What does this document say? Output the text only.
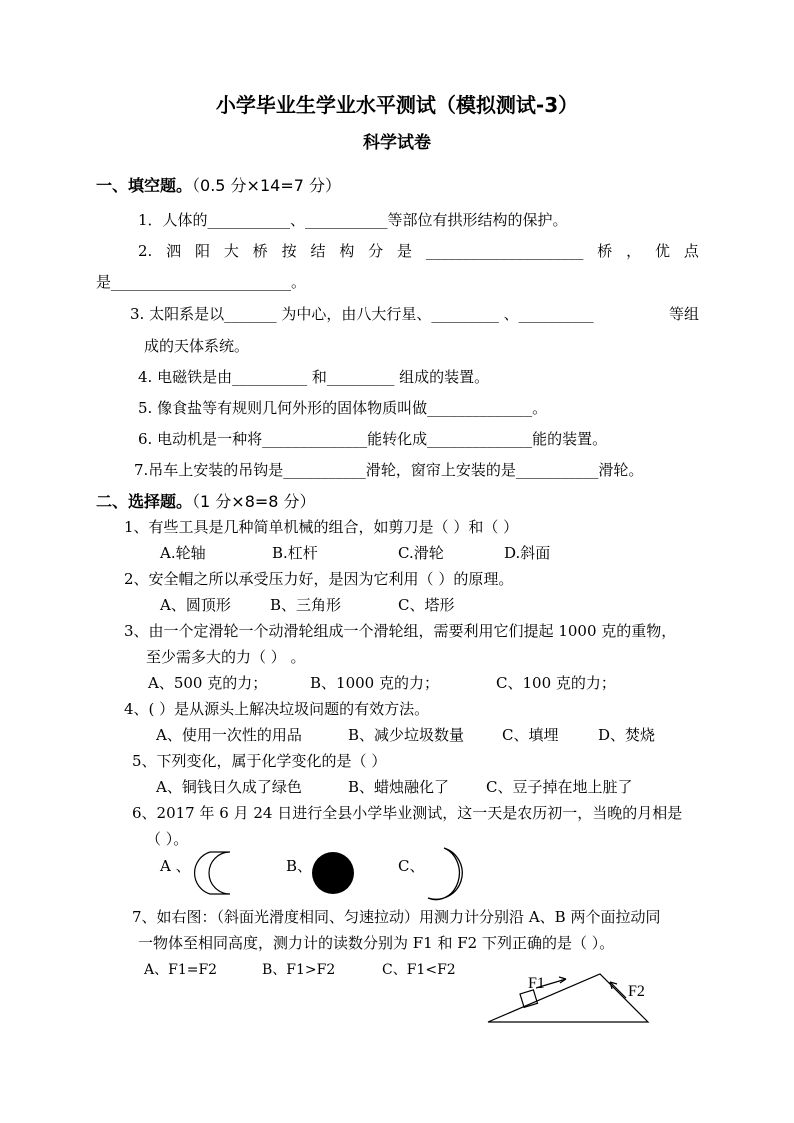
小学毕业生学业水平测试（模拟测试-3）
科学试卷
一、填空题。（0.5 分×14=7 分）
1．人体的___________、___________等部位有拱形结构的保护。
2. 泗 阳 大 桥 按 结 构 分 是 _____________________ 桥 ， 优 点
是________________________。
3. 太阳系是以_______ 为中心，由八大行星、_________ 、__________	等组
成的天体系统。
4. 电磁铁是由__________ 和_________ 组成的装置。
5. 像食盐等有规则几何外形的固体物质叫做______________。
6. 电动机是一种将______________能转化成______________能的装置。
7.吊车上安装的吊钩是___________滑轮，窗帘上安装的是___________滑轮。
二、选择题。（1 分×8=8 分）
1、有些工具是几种简单机械的组合，如剪刀是（ ）和（ ）
A.轮轴	B.杠杆	C.滑轮	D.斜面
2、安全帽之所以承受压力好，是因为它利用（ ）的原理。
A、圆顶形	B、三角形	C、塔形
3、由一个定滑轮一个动滑轮组成一个滑轮组，需要利用它们提起 1000 克的重物，
至少需多大的力（ ） 。
A、500 克的力；	B、1000 克的力；	C、100 克的力；
4、( ）是从源头上解决垃圾问题的有效方法。
A、使用一次性的用品	B、减少垃圾数量	C、填埋	D、焚烧
5、下列变化，属于化学变化的是（ ）
A、铜钱日久成了绿色	B、蜡烛融化了 C、豆子掉在地上脏了
6、2017 年 6 月 24 日进行全县小学毕业测试，这一天是农历初一，当晚的月相是
（ ）。
A 、	B、	C、
7、如右图：（斜面光滑度相同、匀速拉动）用测力计分别沿 A、B 两个面拉动同
一物体至相同高度，测力计的读数分别为 F1 和 F2 下列正确的是（ ）。
A、F1=F2	B、F1>F2	C、F1<F2
F1	F2
